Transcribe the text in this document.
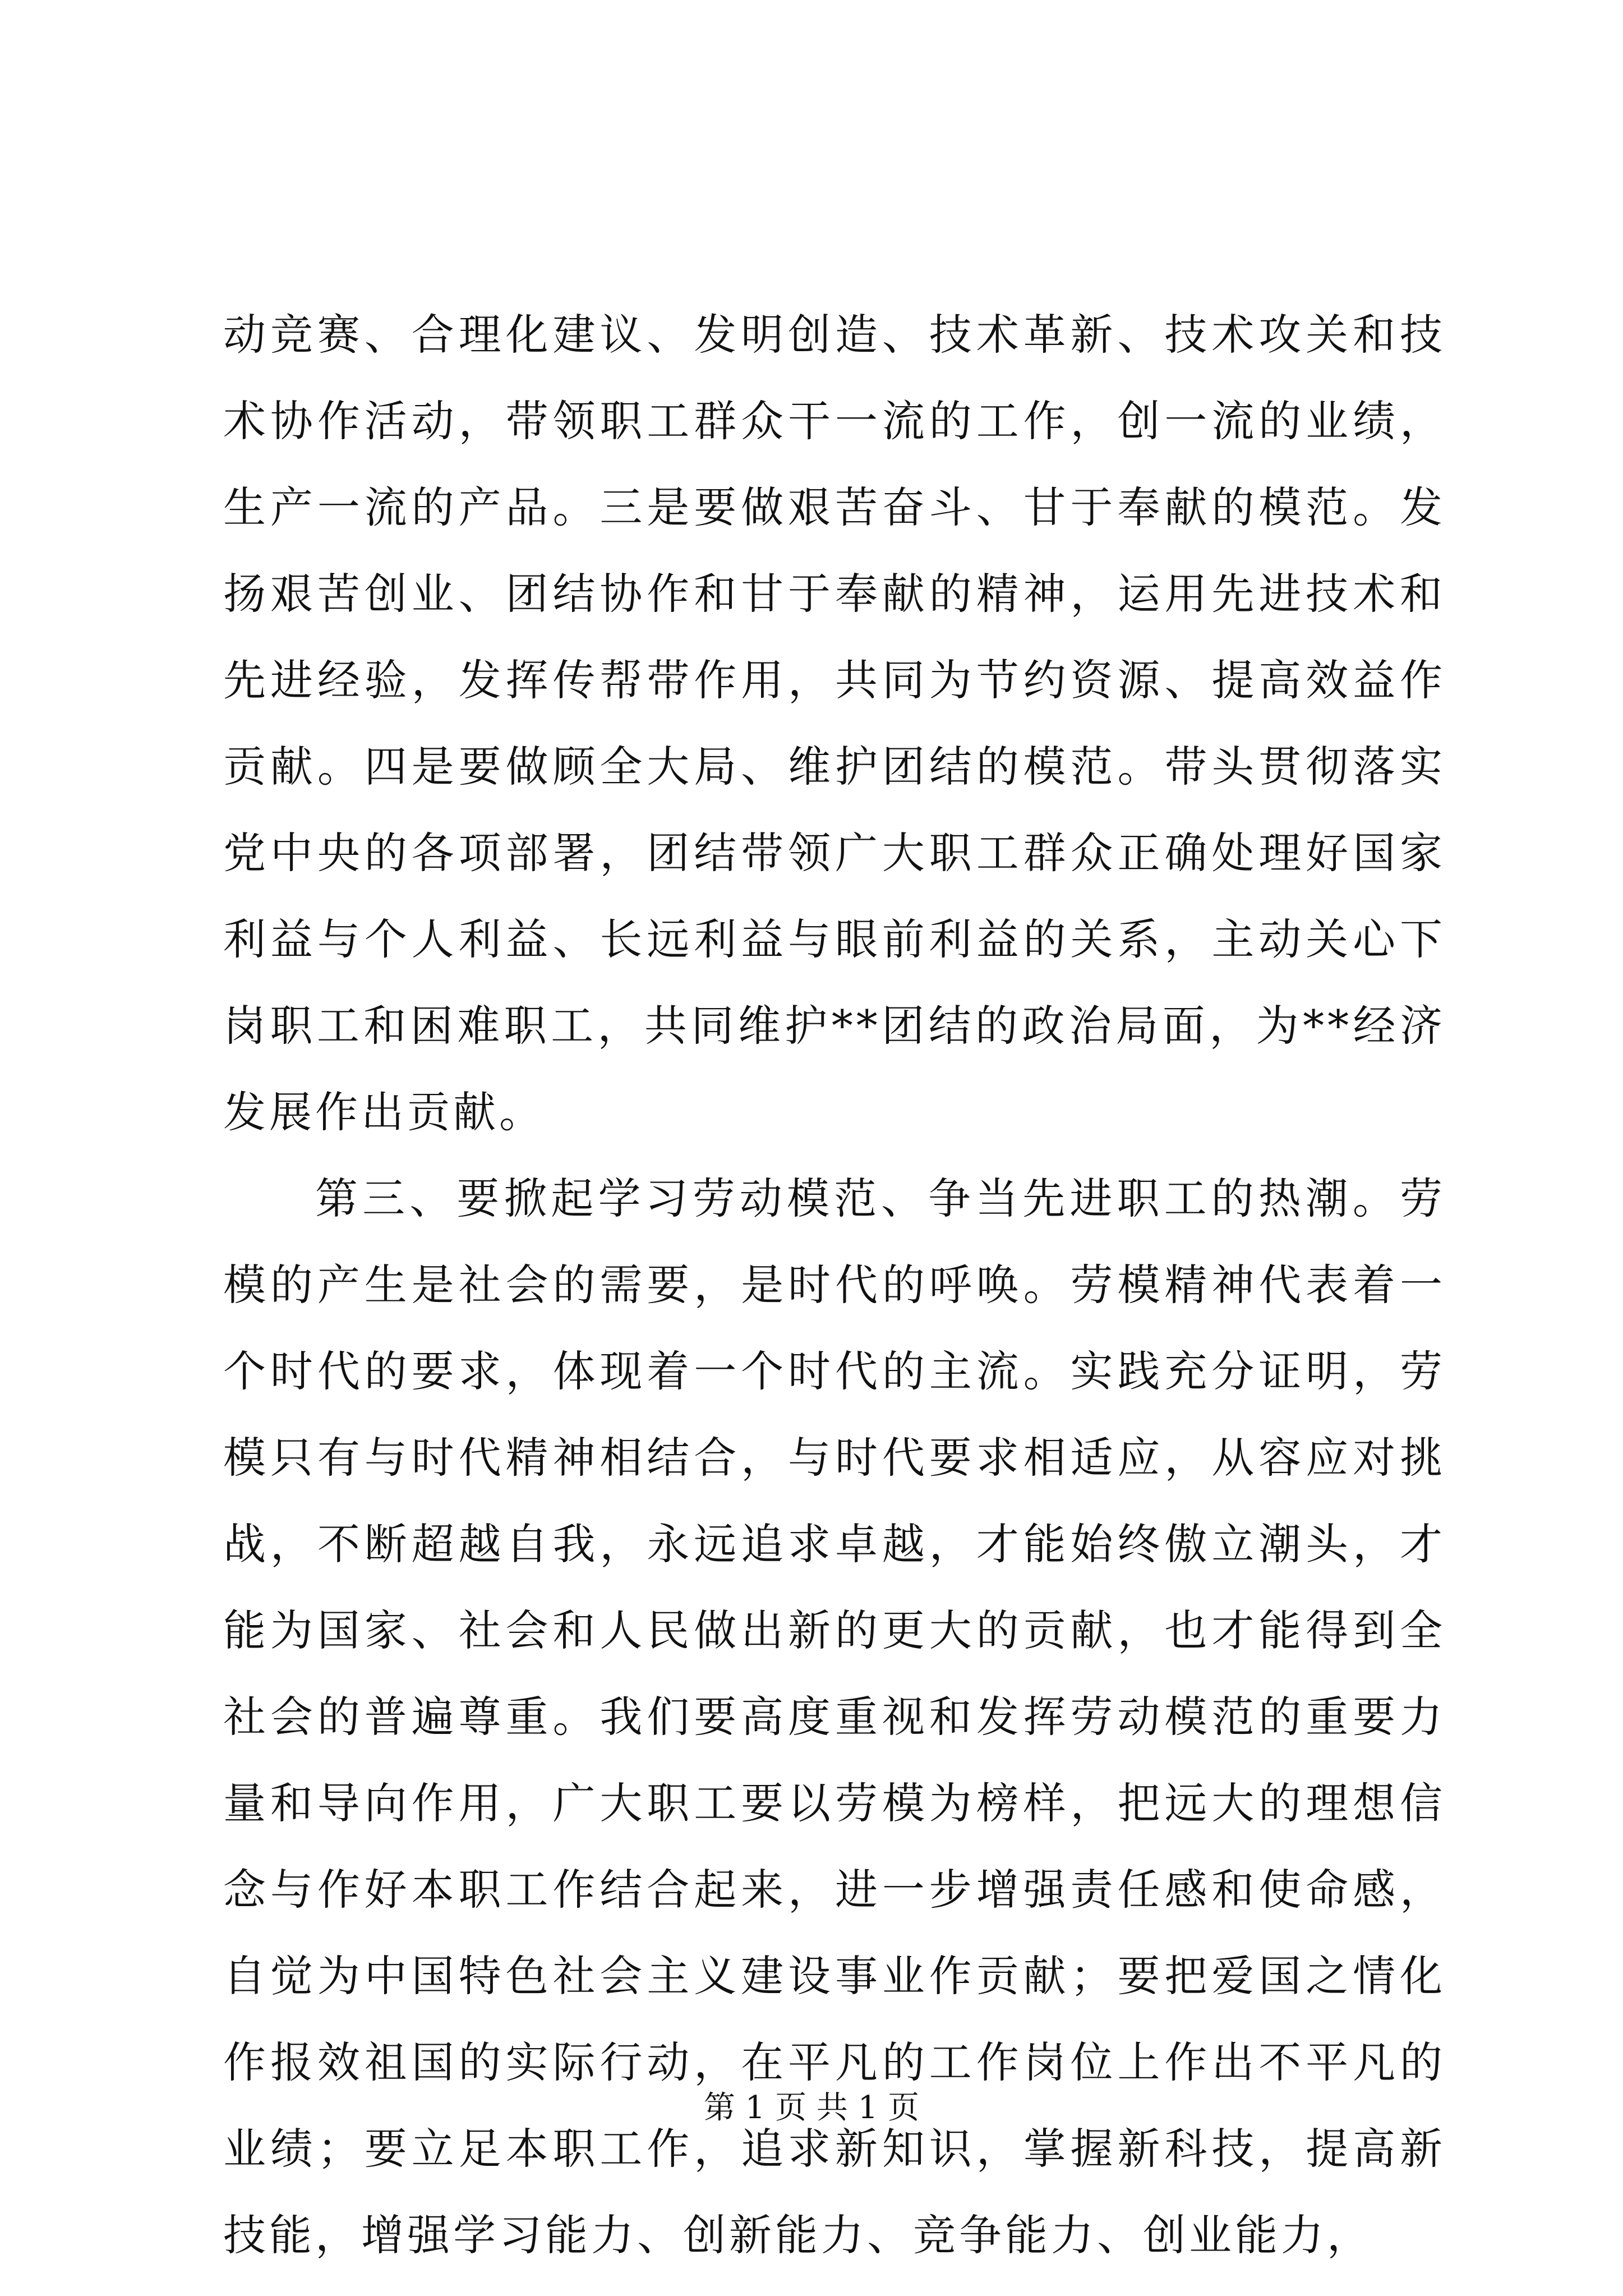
动竞赛、合理化建议、发明创造、技术革新、技术攻关和技术协作活动，带领职工群众干一流的工作，创一流的业绩，生产一流的产品。三是要做艰苦奋斗、甘于奉献的模范。发扬艰苦创业、团结协作和甘于奉献的精神，运用先进技术和先进经验，发挥传帮带作用，共同为节约资源、提高效益作贡献。四是要做顾全大局、维护团结的模范。带头贯彻落实党中央的各项部署，团结带领广大职工群众正确处理好国家利益与个人利益、长远利益与眼前利益的关系，主动关心下岗职工和困难职工，共同维护**团结的政治局面，为**经济发展作出贡献。

第三、要掀起学习劳动模范、争当先进职工的热潮。劳模的产生是社会的需要，是时代的呼唤。劳模精神代表着一个时代的要求，体现着一个时代的主流。实践充分证明，劳模只有与时代精神相结合，与时代要求相适应，从容应对挑战，不断超越自我，永远追求卓越，才能始终傲立潮头，才能为国家、社会和人民做出新的更大的贡献，也才能得到全社会的普遍尊重。我们要高度重视和发挥劳动模范的重要力量和导向作用，广大职工要以劳模为榜样，把远大的理想信念与作好本职工作结合起来，进一步增强责任感和使命感，自觉为中国特色社会主义建设事业作贡献；要把爱国之情化作报效祖国的实际行动，在平凡的工作岗位上作出不平凡的业绩；要立足本职工作，追求新知识，掌握新科技，提高新技能，增强学习能力、创新能力、竞争能力、创业能力，

第 1 页 共 1 页
